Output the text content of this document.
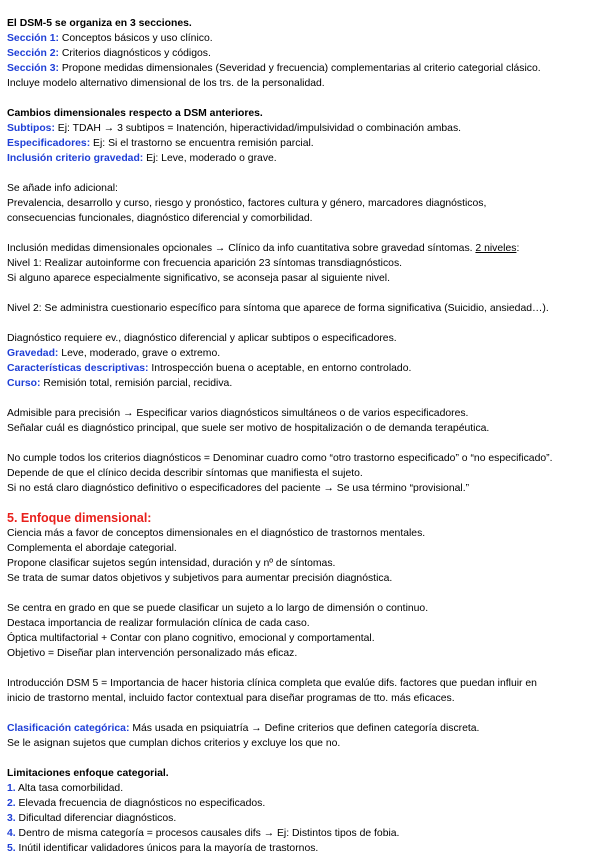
El DSM-5 se organiza en 3 secciones.
Sección 1: Conceptos básicos y uso clínico.
Sección 2: Criterios diagnósticos y códigos.
Sección 3: Propone medidas dimensionales (Severidad y frecuencia) complementarias al criterio categorial clásico.
Incluye modelo alternativo dimensional de los trs. de la personalidad.
Cambios dimensionales respecto a DSM anteriores.
Subtipos: Ej: TDAH → 3 subtipos = Inatención, hiperactividad/impulsividad o combinación ambas.
Especificadores: Ej: Si el trastorno se encuentra remisión parcial.
Inclusión criterio gravedad: Ej: Leve, moderado o grave.
Se añade info adicional:
Prevalencia, desarrollo y curso, riesgo y pronóstico, factores cultura y género, marcadores diagnósticos,
consecuencias funcionales, diagnóstico diferencial y comorbilidad.
Inclusión medidas dimensionales opcionales → Clínico da info cuantitativa sobre gravedad síntomas. 2 niveles:
Nivel 1: Realizar autoinforme con frecuencia aparición 23 síntomas transdiagnósticos.
Si alguno aparece especialmente significativo, se aconseja pasar al siguiente nivel.
Nivel 2: Se administra cuestionario específico para síntoma que aparece de forma significativa (Suicidio, ansiedad…).
Diagnóstico requiere ev., diagnóstico diferencial y aplicar subtipos o especificadores.
Gravedad: Leve, moderado, grave o extremo.
Características descriptivas: Introspección buena o aceptable, en entorno controlado.
Curso: Remisión total, remisión parcial, recidiva.
Admisible para precisión → Especificar varios diagnósticos simultáneos o de varios especificadores.
Señalar cuál es diagnóstico principal, que suele ser motivo de hospitalización o de demanda terapéutica.
No cumple todos los criterios diagnósticos = Denominar cuadro como “otro trastorno especificado” o “no especificado”.
Depende de que el clínico decida describir síntomas que manifiesta el sujeto.
Si no está claro diagnóstico definitivo o especificadores del paciente → Se usa término “provisional.”
5. Enfoque dimensional:
Ciencia más a favor de conceptos dimensionales en el diagnóstico de trastornos mentales.
Complementa el abordaje categorial.
Propone clasificar sujetos según intensidad, duración y nº de síntomas.
Se trata de sumar datos objetivos y subjetivos para aumentar precisión diagnóstica.
Se centra en grado en que se puede clasificar un sujeto a lo largo de dimensión o continuo.
Destaca importancia de realizar formulación clínica de cada caso.
Óptica multifactorial + Contar con plano cognitivo, emocional y comportamental.
Objetivo = Diseñar plan intervención personalizado más eficaz.
Introducción DSM 5 = Importancia de hacer historia clínica completa que evalúe difs. factores que puedan influir en
inicio de trastorno mental, incluido factor contextual para diseñar programas de tto. más eficaces.
Clasificación categórica: Más usada en psiquiatría → Define criterios que definen categoría discreta.
Se le asignan sujetos que cumplan dichos criterios y excluye los que no.
Limitaciones enfoque categorial.
1. Alta tasa comorbilidad.
2. Elevada frecuencia de diagnósticos no especificados.
3. Dificultad diferenciar diagnósticos.
4. Dentro de misma categoría = procesos causales difs → Ej: Distintos tipos de fobia.
5. Inútil identificar validadores únicos para la mayoría de trastornos.
